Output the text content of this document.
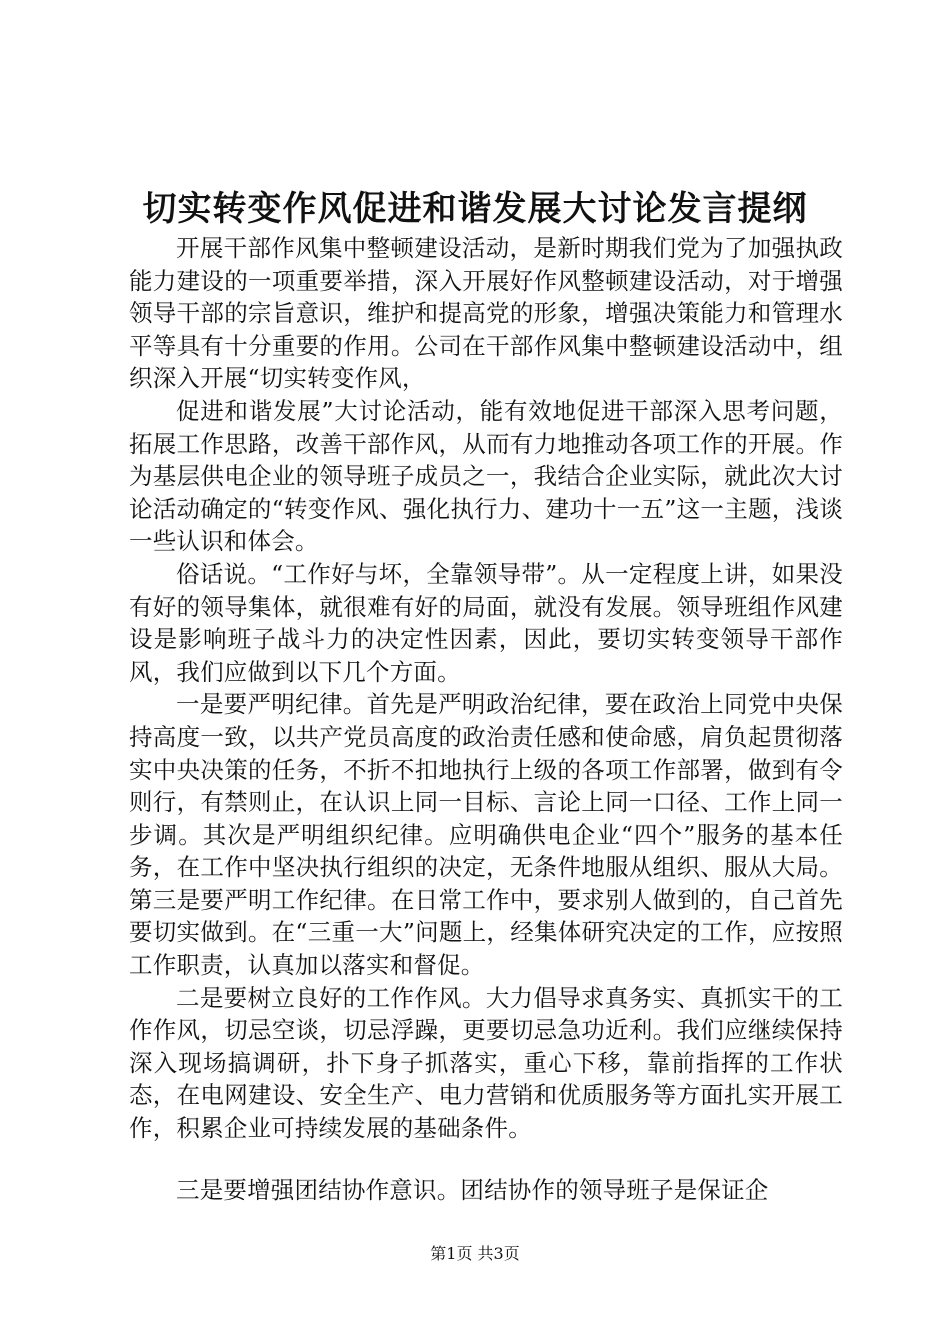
切实转变作风促进和谐发展大讨论发言提纲

开展干部作风集中整顿建设活动，是新时期我们党为了加强执政能力建设的一项重要举措，深入开展好作风整顿建设活动，对于增强领导干部的宗旨意识，维护和提高党的形象，增强决策能力和管理水平等具有十分重要的作用。公司在干部作风集中整顿建设活动中，组织深入开展“切实转变作风，

促进和谐发展”大讨论活动，能有效地促进干部深入思考问题，拓展工作思路，改善干部作风，从而有力地推动各项工作的开展。作为基层供电企业的领导班子成员之一，我结合企业实际，就此次大讨论活动确定的“转变作风、强化执行力、建功十一五”这一主题，浅谈一些认识和体会。

俗话说。“工作好与坏，全靠领导带”。从一定程度上讲，如果没有好的领导集体，就很难有好的局面，就没有发展。领导班组作风建设是影响班子战斗力的决定性因素，因此，要切实转变领导干部作风，我们应做到以下几个方面。

一是要严明纪律。首先是严明政治纪律，要在政治上同党中央保持高度一致，以共产党员高度的政治责任感和使命感，肩负起贯彻落实中央决策的任务，不折不扣地执行上级的各项工作部署，做到有令则行，有禁则止，在认识上同一目标、言论上同一口径、工作上同一步调。其次是严明组织纪律。应明确供电企业“四个”服务的基本任务，在工作中坚决执行组织的决定，无条件地服从组织、服从大局。第三是要严明工作纪律。在日常工作中，要求别人做到的，自己首先要切实做到。在“三重一大”问题上，经集体研究决定的工作，应按照工作职责，认真加以落实和督促。

二是要树立良好的工作作风。大力倡导求真务实、真抓实干的工作作风，切忌空谈，切忌浮躁，更要切忌急功近利。我们应继续保持深入现场搞调研，扑下身子抓落实，重心下移，靠前指挥的工作状态，在电网建设、安全生产、电力营销和优质服务等方面扎实开展工作，积累企业可持续发展的基础条件。

三是要增强团结协作意识。团结协作的领导班子是保证企

第1页 共3页
